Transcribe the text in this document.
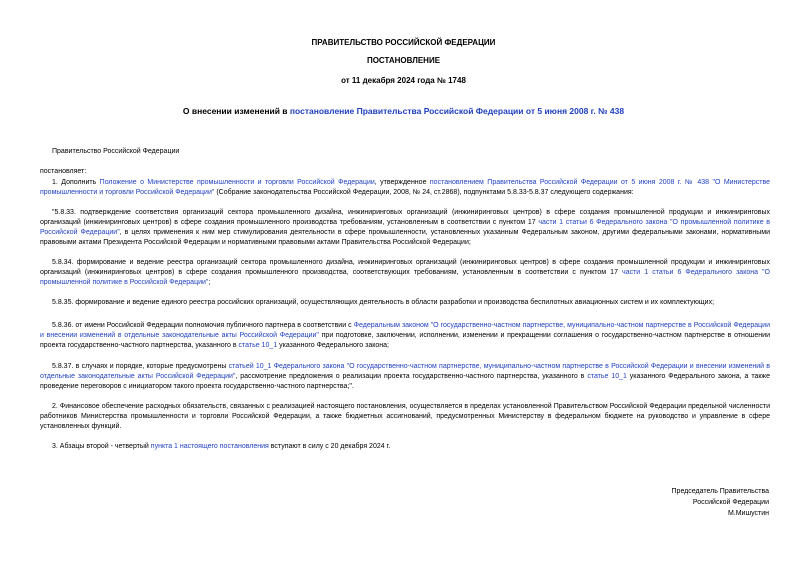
ПРАВИТЕЛЬСТВО РОССИЙСКОЙ ФЕДЕРАЦИИ
ПОСТАНОВЛЕНИЕ
от 11 декабря 2024 года № 1748
О внесении изменений в постановление Правительства Российской Федерации от 5 июня 2008 г. № 438
Правительство Российской Федерации
постановляет:
1. Дополнить Положение о Министерстве промышленности и торговли Российской Федерации, утвержденное постановлением Правительства Российской Федерации от 5 июня 2008 г. № 438 "О Министерстве промышленности и торговли Российской Федерации" (Собрание законодательства Российской Федерации, 2008, № 24, ст.2868), подпунктами 5.8.33-5.8.37 следующего содержания:
"5.8.33. подтверждение соответствия организаций сектора промышленного дизайна, инжиниринговых организаций (инжиниринговых центров) в сфере создания промышленной продукции и инжиниринговых организаций (инжиниринговых центров) в сфере создания промышленного производства требованиям, установленным в соответствии с пунктом 17 части 1 статьи 6 Федерального закона "О промышленной политике в Российской Федерации", в целях применения к ним мер стимулирования деятельности в сфере промышленности, установленных указанным Федеральным законом, другими федеральными законами, нормативными правовыми актами Президента Российской Федерации и нормативными правовыми актами Правительства Российской Федерации;
5.8.34. формирование и ведение реестра организаций сектора промышленного дизайна, инжиниринговых организаций (инжиниринговых центров) в сфере создания промышленной продукции и инжиниринговых организаций (инжиниринговых центров) в сфере создания промышленного производства, соответствующих требованиям, установленным в соответствии с пунктом 17 части 1 статьи 6 Федерального закона "О промышленной политике в Российской Федерации";
5.8.35. формирование и ведение единого реестра российских организаций, осуществляющих деятельность в области разработки и производства беспилотных авиационных систем и их комплектующих;
5.8.36. от имени Российской Федерации полномочия публичного партнера в соответствии с Федеральным законом "О государственно-частном партнерстве, муниципально-частном партнерстве в Российской Федерации и внесении изменений в отдельные законодательные акты Российской Федерации" при подготовке, заключении, исполнении, изменении и прекращении соглашения о государственно-частном партнерстве в отношении проекта государственно-частного партнерства, указанного в статье 10_1 указанного Федерального закона;
5.8.37. в случаях и порядке, которые предусмотрены статьей 10_1 Федерального закона "О государственно-частном партнерстве, муниципально-частном партнерстве в Российской Федерации и внесении изменений в отдельные законодательные акты Российской Федерации", рассмотрение предложения о реализации проекта государственно-частного партнерства, указанного в статье 10_1 указанного Федерального закона, а также проведение переговоров с инициатором такого проекта государственно-частного партнерства;".
2. Финансовое обеспечение расходных обязательств, связанных с реализацией настоящего постановления, осуществляется в пределах установленной Правительством Российской Федерации предельной численности работников Министерства промышленности и торговли Российской Федерации, а также бюджетных ассигнований, предусмотренных Министерству в федеральном бюджете на руководство и управление в сфере установленных функций.
3. Абзацы второй - четвертый пункта 1 настоящего постановления вступают в силу с 20 декабря 2024 г.
Председатель Правительства
Российской Федерации
М.Мишустин
